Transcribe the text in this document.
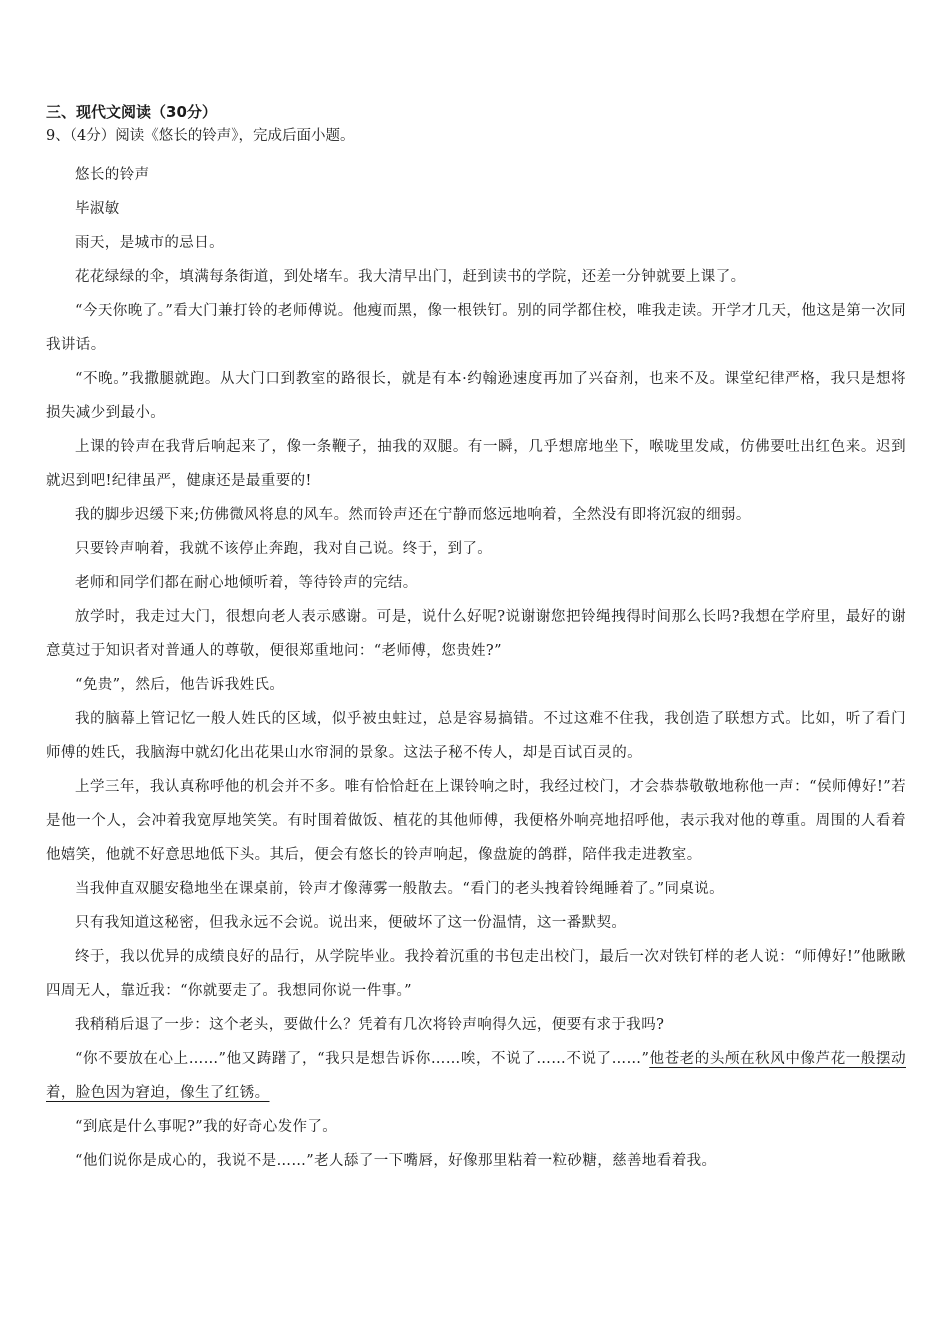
三、现代文阅读（30分）
9、（4分）阅读《悠长的铃声》，完成后面小题。

悠长的铃声

毕淑敏

雨天，是城市的忌日。

花花绿绿的伞，填满每条街道，到处堵车。我大清早出门，赶到读书的学院，还差一分钟就要上课了。

“今天你晚了。”看大门兼打铃的老师傅说。他瘦而黑，像一根铁钉。别的同学都住校，唯我走读。开学才几天，他这是第一次同我讲话。

“不晚。”我撒腿就跑。从大门口到教室的路很长，就是有本·约翰逊速度再加了兴奋剂，也来不及。课堂纪律严格，我只是想将损失减少到最小。

上课的铃声在我背后响起来了，像一条鞭子，抽我的双腿。有一瞬，几乎想席地坐下，喉咙里发咸，仿佛要吐出红色来。迟到就迟到吧!纪律虽严，健康还是最重要的!

我的脚步迟缓下来;仿佛微风将息的风车。然而铃声还在宁静而悠远地响着，全然没有即将沉寂的细弱。

只要铃声响着，我就不该停止奔跑，我对自己说。终于，到了。

老师和同学们都在耐心地倾听着，等待铃声的完结。

放学时，我走过大门，很想向老人表示感谢。可是，说什么好呢?说谢谢您把铃绳拽得时间那么长吗?我想在学府里，最好的谢意莫过于知识者对普通人的尊敬，便很郑重地问：“老师傅，您贵姓?”

“免贵”，然后，他告诉我姓氏。

我的脑幕上管记忆一般人姓氏的区域，似乎被虫蛀过，总是容易搞错。不过这难不住我，我创造了联想方式。比如，听了看门师傅的姓氏，我脑海中就幻化出花果山水帘洞的景象。这法子秘不传人，却是百试百灵的。

上学三年，我认真称呼他的机会并不多。唯有恰恰赶在上课铃响之时，我经过校门，才会恭恭敬敬地称他一声：“侯师傅好!”若是他一个人，会冲着我宽厚地笑笑。有时围着做饭、植花的其他师傅，我便格外响亮地招呼他，表示我对他的尊重。周围的人看着他嬉笑，他就不好意思地低下头。其后，便会有悠长的铃声响起，像盘旋的鸽群，陪伴我走进教室。

当我伸直双腿安稳地坐在课桌前，铃声才像薄雾一般散去。“看门的老头拽着铃绳睡着了。”同桌说。

只有我知道这秘密，但我永远不会说。说出来，便破坏了这一份温情，这一番默契。

终于，我以优异的成绩良好的品行，从学院毕业。我拎着沉重的书包走出校门，最后一次对铁钉样的老人说：“师傅好!”他瞅瞅四周无人，靠近我：“你就要走了。我想同你说一件事。”

我稍稍后退了一步：这个老头，要做什么？凭着有几次将铃声响得久远，便要有求于我吗?

“你不要放在心上……”他又踌躇了，“我只是想告诉你……唉，不说了……不说了……”他苍老的头颅在秋风中像芦花一般摆动着，脸色因为窘迫，像生了红锈。

“到底是什么事呢?”我的好奇心发作了。

“他们说你是成心的，我说不是……”老人舔了一下嘴唇，好像那里粘着一粒砂糖，慈善地看着我。
